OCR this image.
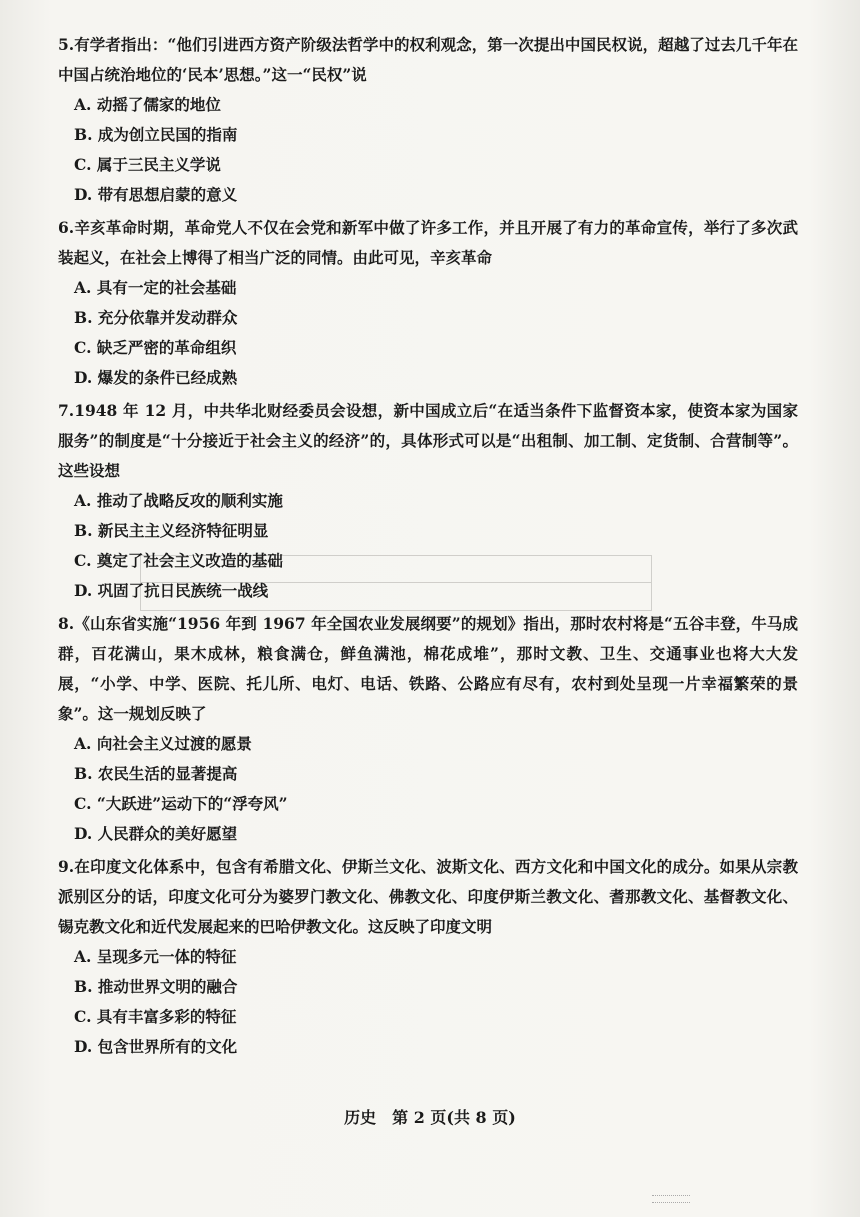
5.有学者指出：“他们引进西方资产阶级法哲学中的权利观念，第一次提出中国民权说，超越了过去几千年在中国占统治地位的‘民本’思想。”这一“民权”说

A. 动摇了儒家的地位

B. 成为创立民国的指南

C. 属于三民主义学说

D. 带有思想启蒙的意义

6.辛亥革命时期，革命党人不仅在会党和新军中做了许多工作，并且开展了有力的革命宣传，举行了多次武装起义，在社会上博得了相当广泛的同情。由此可见，辛亥革命

A. 具有一定的社会基础

B. 充分依靠并发动群众

C. 缺乏严密的革命组织

D. 爆发的条件已经成熟

7.1948 年 12 月，中共华北财经委员会设想，新中国成立后“在适当条件下监督资本家，使资本家为国家服务”的制度是“十分接近于社会主义的经济”的，具体形式可以是“出租制、加工制、定货制、合营制等”。这些设想

A. 推动了战略反攻的顺利实施

B. 新民主主义经济特征明显

C. 奠定了社会主义改造的基础

D. 巩固了抗日民族统一战线

8.《山东省实施“1956 年到 1967 年全国农业发展纲要”的规划》指出，那时农村将是“五谷丰登，牛马成群，百花满山，果木成林，粮食满仓，鲜鱼满池，棉花成堆”，那时文教、卫生、交通事业也将大大发展，“小学、中学、医院、托儿所、电灯、电话、铁路、公路应有尽有，农村到处呈现一片幸福繁荣的景象”。这一规划反映了

A. 向社会主义过渡的愿景

B. 农民生活的显著提高

C. “大跃进”运动下的“浮夸风”

D. 人民群众的美好愿望

9.在印度文化体系中，包含有希腊文化、伊斯兰文化、波斯文化、西方文化和中国文化的成分。如果从宗教派别区分的话，印度文化可分为婆罗门教文化、佛教文化、印度伊斯兰教文化、耆那教文化、基督教文化、锡克教文化和近代发展起来的巴哈伊教文化。这反映了印度文明

A. 呈现多元一体的特征

B. 推动世界文明的融合

C. 具有丰富多彩的特征

D. 包含世界所有的文化

历史　第 2 页(共 8 页)
